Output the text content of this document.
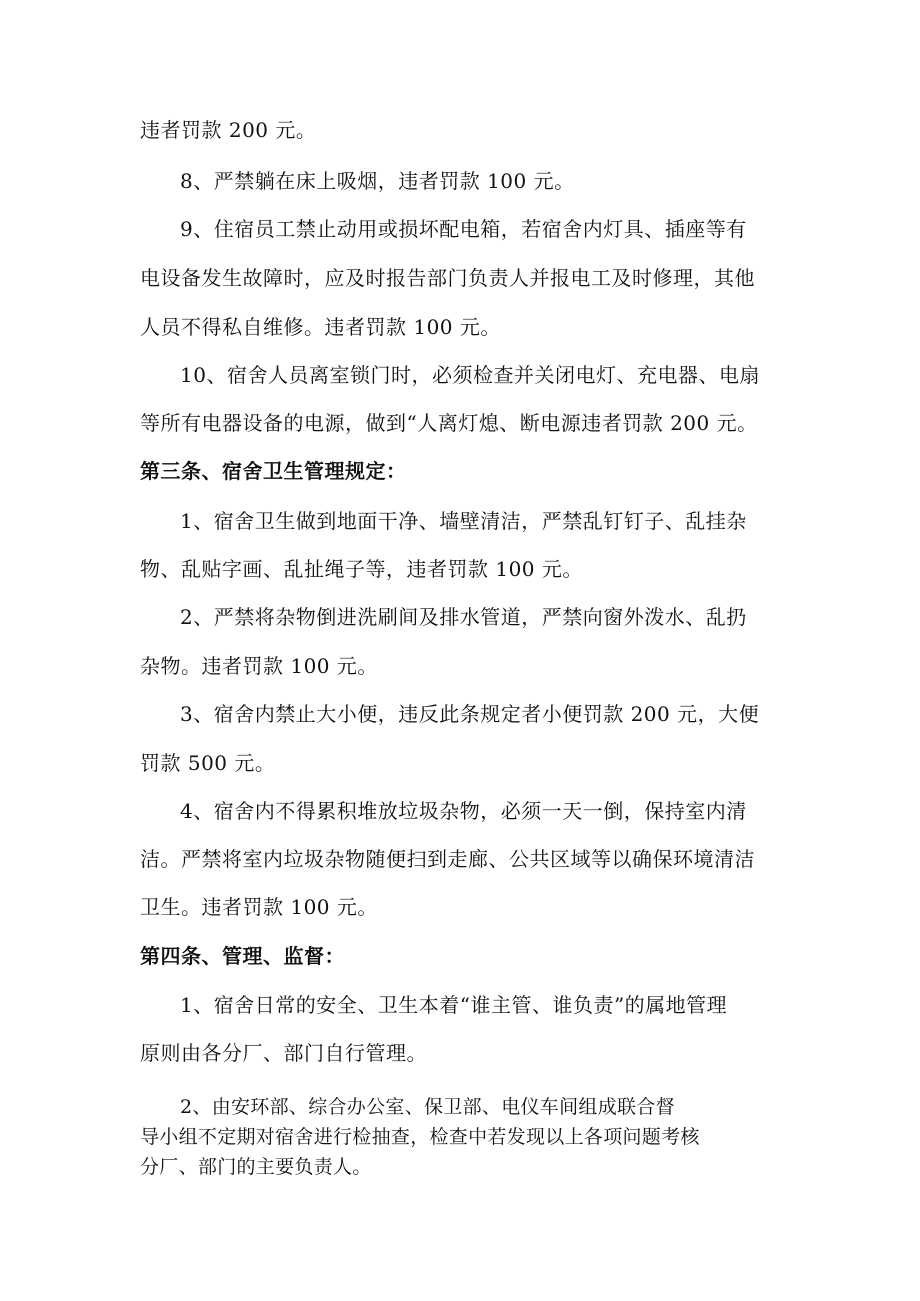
违者罚款 200 元。
8、严禁躺在床上吸烟，违者罚款 100 元。
9、住宿员工禁止动用或损坏配电箱，若宿舍内灯具、插座等有
电设备发生故障时，应及时报告部门负责人并报电工及时修理，其他
人员不得私自维修。违者罚款 100 元。
10、宿舍人员离室锁门时，必须检查并关闭电灯、充电器、电扇
等所有电器设备的电源，做到“人离灯熄、断电源违者罚款 200 元。
第三条、宿舍卫生管理规定：
1、宿舍卫生做到地面干净、墙壁清洁，严禁乱钉钉子、乱挂杂
物、乱贴字画、乱扯绳子等，违者罚款 100 元。
2、严禁将杂物倒进洗刷间及排水管道，严禁向窗外泼水、乱扔
杂物。违者罚款 100 元。
3、宿舍内禁止大小便，违反此条规定者小便罚款 200 元，大便
罚款 500 元。
4、宿舍内不得累积堆放垃圾杂物，必须一天一倒，保持室内清
洁。严禁将室内垃圾杂物随便扫到走廊、公共区域等以确保环境清洁
卫生。违者罚款 100 元。
第四条、管理、监督：
1、宿舍日常的安全、卫生本着“谁主管、谁负责”的属地管理
原则由各分厂、部门自行管理。
2、由安环部、综合办公室、保卫部、电仪车间组成联合督
导小组不定期对宿舍进行检抽查，检查中若发现以上各项问题考核
分厂、部门的主要负责人。
